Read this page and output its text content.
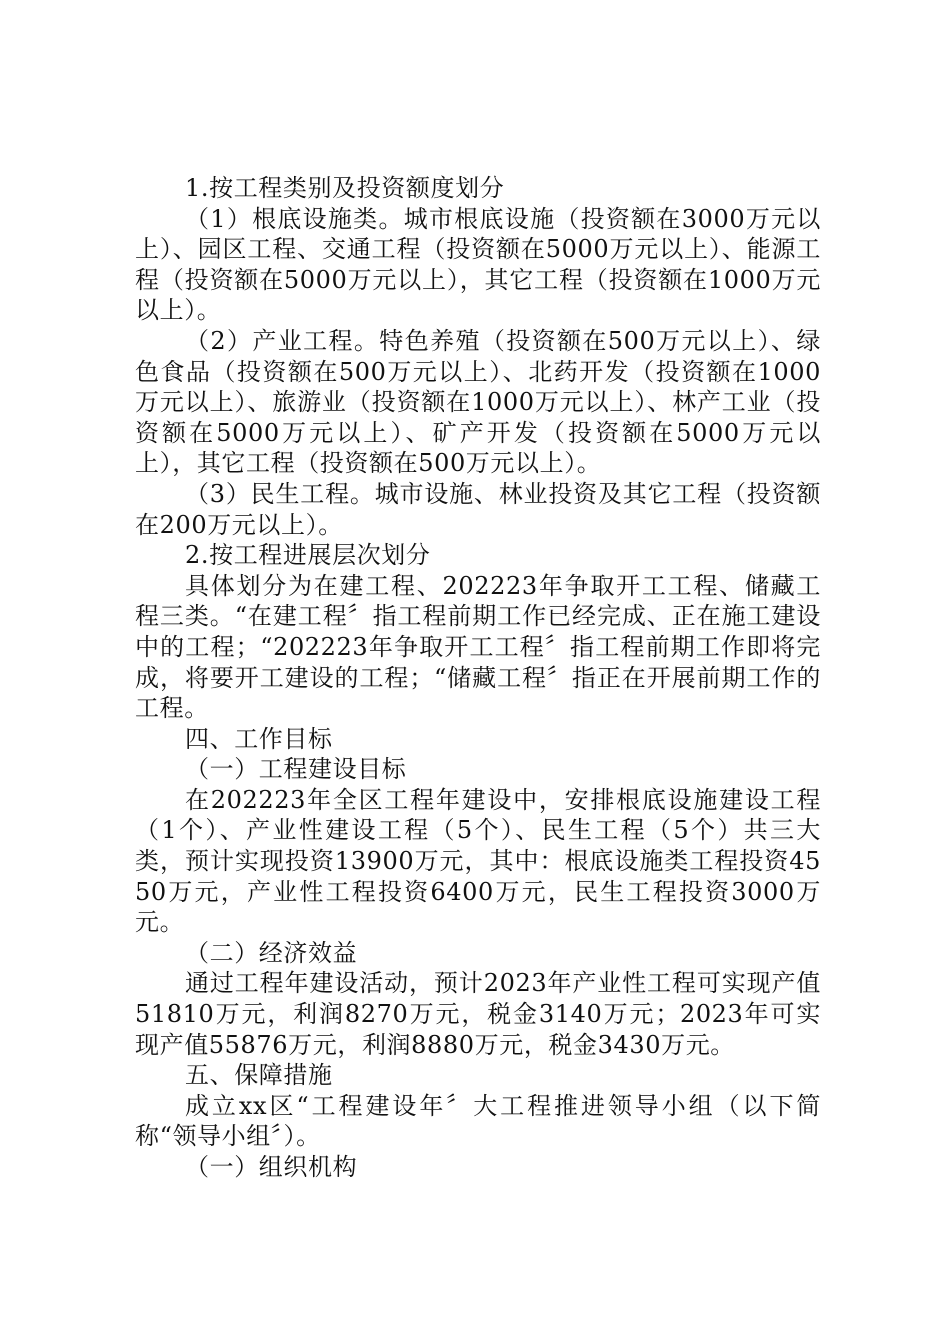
1.按工程类别及投资额度划分

（1）根底设施类。城市根底设施（投资额在3000万元以上）、园区工程、交通工程（投资额在5000万元以上）、能源工程（投资额在5000万元以上），其它工程（投资额在1000万元以上）。

（2）产业工程。特色养殖（投资额在500万元以上）、绿色食品（投资额在500万元以上）、北药开发（投资额在1000万元以上）、旅游业（投资额在1000万元以上）、林产工业（投资额在5000万元以上）、矿产开发（投资额在5000万元以上），其它工程（投资额在500万元以上）。

（3）民生工程。城市设施、林业投资及其它工程（投资额在200万元以上）。

2.按工程进展层次划分

具体划分为在建工程、202223年争取开工工程、储藏工程三类。“在建工程〞指工程前期工作已经完成、正在施工建设中的工程；“202223年争取开工工程〞指工程前期工作即将完成，将要开工建设的工程；“储藏工程〞指正在开展前期工作的工程。

四、工作目标

（一）工程建设目标

在202223年全区工程年建设中，安排根底设施建设工程（1个）、产业性建设工程（5个）、民生工程（5个）共三大类，预计实现投资13900万元，其中：根底设施类工程投资4550万元，产业性工程投资6400万元，民生工程投资3000万元。

（二）经济效益

通过工程年建设活动，预计2023年产业性工程可实现产值51810万元，利润8270万元，税金3140万元；2023年可实现产值55876万元，利润8880万元，税金3430万元。

五、保障措施

成立xx区“工程建设年〞大工程推进领导小组（以下简称“领导小组〞）。

（一）组织机构
